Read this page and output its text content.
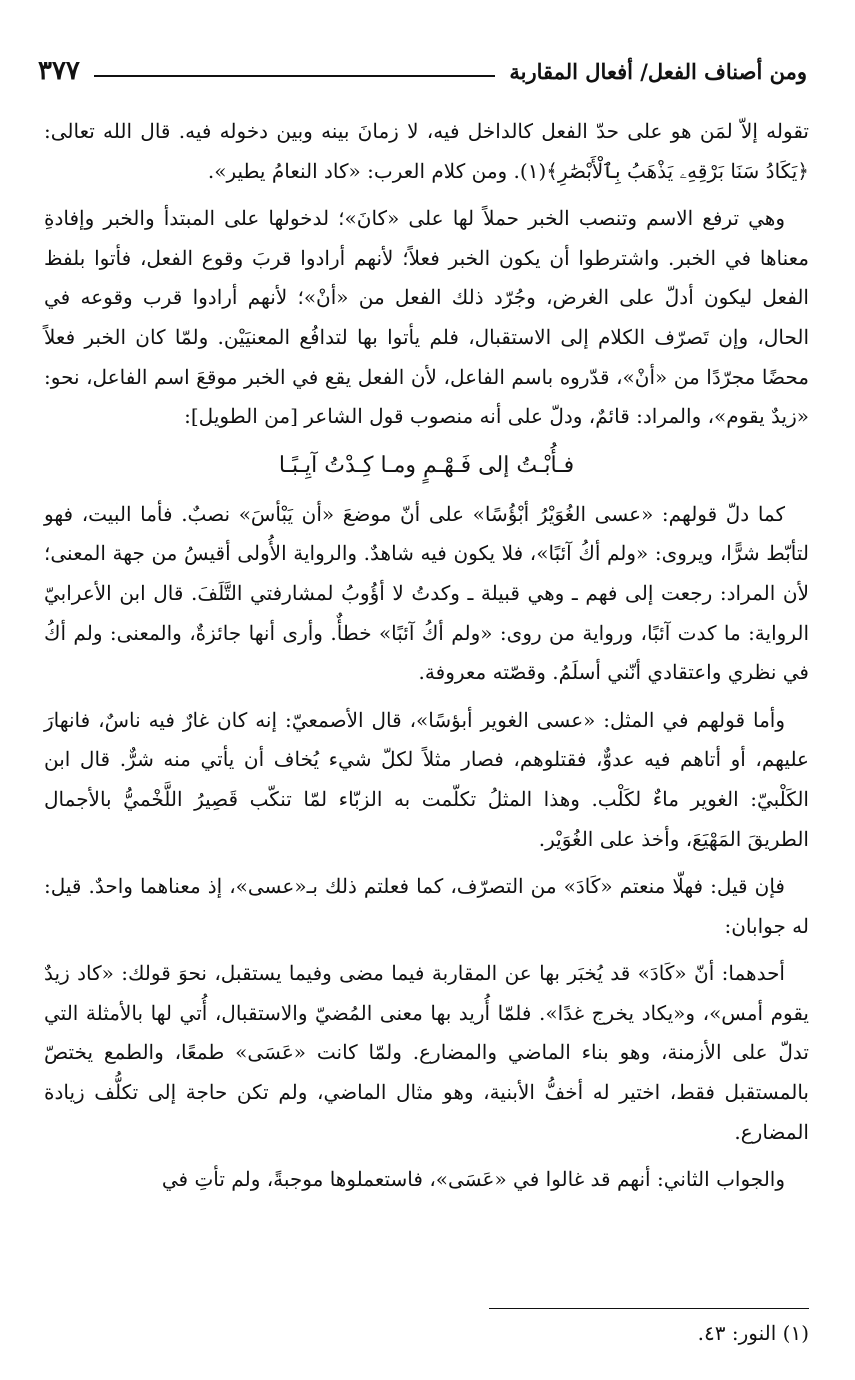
ومن أصناف الفعل/ أفعال المقاربة
٣٧٧

تقوله إلاّ لمَن هو على حدّ الفعل كالداخل فيه، لا زمانَ بينه وبين دخوله فيه. قال الله تعالى: ﴿يَكَادُ سَنَا بَرْقِهِۦ يَذْهَبُ بِٱلْأَبْصَٰرِ﴾(١). ومن كلام العرب: «كاد النعامُ يطير».

وهي ترفع الاسم وتنصب الخبر حملاً لها على «كانَ»؛ لدخولها على المبتدأ والخبر وإفادةِ معناها في الخبر. واشترطوا أن يكون الخبر فعلاً؛ لأنهم أرادوا قربَ وقوع الفعل، فأتوا بلفظ الفعل ليكون أدلّ على الغرض، وجُرّد ذلك الفعل من «أنْ»؛ لأنهم أرادوا قرب وقوعه في الحال، وإن تَصرّف الكلام إلى الاستقبال، فلم يأتوا بها لتدافُع المعنيَيْن. ولمّا كان الخبر فعلاً محضًا مجرّدًا من «أنْ»، قدّروه باسم الفاعل، لأن الفعل يقع في الخبر موقعَ اسم الفاعل، نحو: «زيدٌ يقوم»، والمراد: قائمٌ، ودلّ على أنه منصوب قول الشاعر [من الطويل]:

فـأُبْـتُ إلى فَـهْـمٍ ومـا كِـدْتُ آيِـبًـا

كما دلّ قولهم: «عسى الغُوَيْرُ أبْؤُسًا» على أنّ موضعَ «أن يَبْأسَ» نصبٌ. فأما البيت، فهو لتأبّط شرًّا، ويروى: «ولم أكُ آئبًا»، فلا يكون فيه شاهدٌ. والرواية الأُولى أقيسُ من جهة المعنى؛ لأن المراد: رجعت إلى فهم ـ وهي قبيلة ـ وكدتُ لا أؤُوبُ لمشارفتي التَّلَفَ. قال ابن الأعرابيّ الرواية: ما كدت آئبًا، ورواية من روى: «ولم أكُ آئبًا» خطأٌ. وأرى أنها جائزةٌ، والمعنى: ولم أكُ في نظري واعتقادي أنّني أسلَمُ. وقصّته معروفة.

وأما قولهم في المثل: «عسى الغوير أبؤسًا»، قال الأصمعيّ: إنه كان غارٌ فيه ناسٌ، فانهارَ عليهم، أو أتاهم فيه عدوٌّ، فقتلوهم، فصار مثلاً لكلّ شيء يُخاف أن يأتي منه شرٌّ. قال ابن الكَلْبيّ: الغوير ماءٌ لكَلْب. وهذا المثلُ تكلّمت به الزبّاء لمّا تنكّب قَصِيرُ اللَّخْميُّ بالأجمال الطريقَ المَهْيَعَ، وأخذ على الغُوَيْر.

فإن قيل: فهلّا منعتم «كَادَ» من التصرّف، كما فعلتم ذلك بـ«عسى»، إذ معناهما واحدٌ. قيل: له جوابان:

أحدهما: أنّ «كَادَ» قد يُخبَر بها عن المقاربة فيما مضى وفيما يستقبل، نحوَ قولك: «كاد زيدٌ يقوم أمس»، و«يكاد يخرج غدًا». فلمّا أُريد بها معنى المُضيّ والاستقبال، أُتي لها بالأمثلة التي تدلّ على الأزمنة، وهو بناء الماضي والمضارع. ولمّا كانت «عَسَى» طمعًا، والطمع يختصّ بالمستقبل فقط، اختير له أخفُّ الأبنية، وهو مثال الماضي، ولم تكن حاجة إلى تكلُّف زيادة المضارع.

والجواب الثاني: أنهم قد غالوا في «عَسَى»، فاستعملوها موجبةً، ولم تأتِ في

(١) النور: ٤٣.
